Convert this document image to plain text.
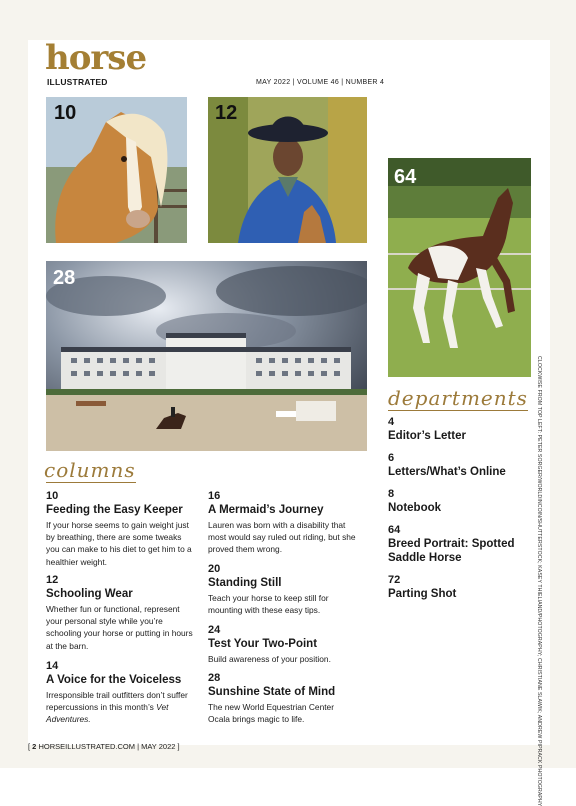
horse
ILLUSTRATED	MAY 2022 | VOLUME 46 | NUMBER 4
10	12
64
28
columns
departments
10
Feeding the Easy Keeper
If your horse seems to gain weight just by breathing, there are some tweaks you can make to his diet to get him to a healthier weight.
12
Schooling Wear
Whether fun or functional, represent your personal style while you’re schooling your horse or putting in hours at the barn.
14
A Voice for the Voiceless
Irresponsible trail outfitters don’t suffer repercussions in this month’s Vet Adventures.
16
A Mermaid’s Journey
Lauren was born with a disability that most would say ruled out riding, but she proved them wrong.
20
Standing Still
Teach your horse to keep still for mounting with these easy tips.
24
Test Your Two-Point
Build awareness of your position.
28
Sunshine State of Mind
The new World Equestrian Center Ocala brings magic to life.
4
Editor’s Letter
6
Letters/What’s Online
8
Notebook
64
Breed Portrait: Spotted Saddle Horse
72
Parting Shot	CLOCKWISE FROM TOP LEFT: PETER SORGER/WORLDINCOIN/SHUTTERSTOCK; KASEY THIELIAND/PHOTOGRAPHY; CHRISTIANE SLAWIK; ANDREW PIPRACK PHOTOGRAPHY
[ 2 HORSEILLUSTRATED.COM | MAY 2022 ]
